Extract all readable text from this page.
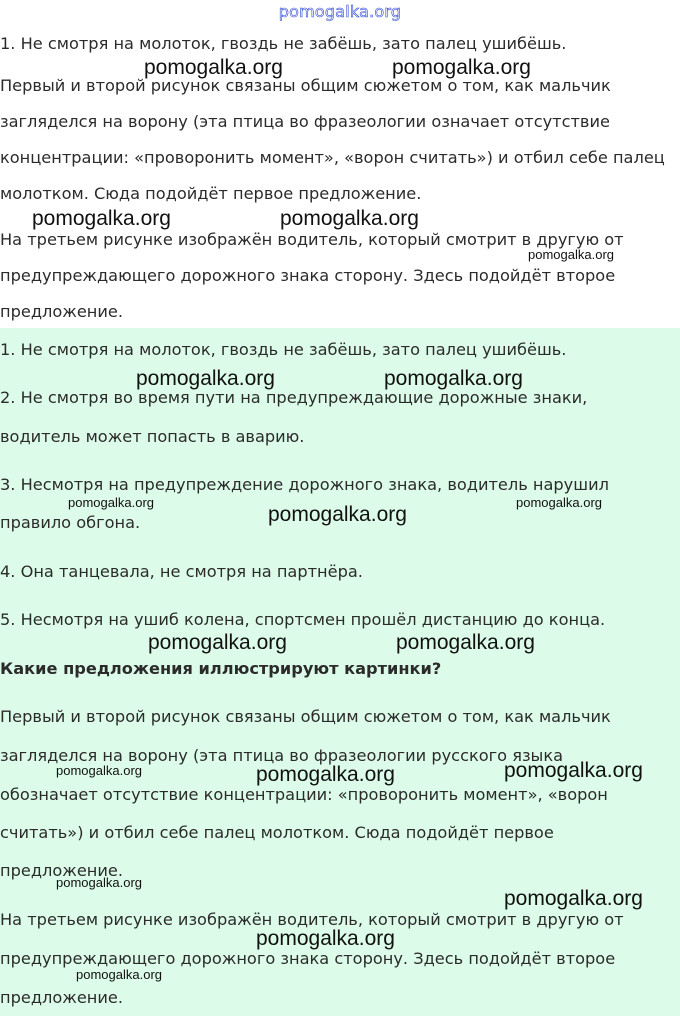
pomogalka.org
1. Не смотря на молоток, гвоздь не забёшь, зато палец ушибёшь.
Первый и второй рисунок связаны общим сюжетом о том, как мальчик
загляделся на ворону (эта птица во фразеологии означает отсутствие
концентрации: «проворонить момент», «ворон считать») и отбил себе палец
молотком. Сюда подойдёт первое предложение.
На третьем рисунке изображён водитель, который смотрит в другую от
предупреждающего дорожного знака сторону. Здесь подойдёт второе
предложение.
1. Не смотря на молоток, гвоздь не забёшь, зато палец ушибёшь.
2. Не смотря во время пути на предупреждающие дорожные знаки,
водитель может попасть в аварию.
3. Несмотря на предупреждение дорожного знака, водитель нарушил
правило обгона.
4. Она танцевала, не смотря на партнёра.
5. Несмотря на ушиб колена, спортсмен прошёл дистанцию до конца.
Какие предложения иллюстрируют картинки?
Первый и второй рисунок связаны общим сюжетом о том, как мальчик
загляделся на ворону (эта птица во фразеологии русского языка
обозначает отсутствие концентрации: «проворонить момент», «ворон
считать») и отбил себе палец молотком. Сюда подойдёт первое
предложение.
На третьем рисунке изображён водитель, который смотрит в другую от
предупреждающего дорожного знака сторону. Здесь подойдёт второе
предложение.
pomogalka.org	pomogalka.org
pomogalka.org	pomogalka.org
pomogalka.org
pomogalka.org	pomogalka.org
pomogalka.org
pomogalka.org
pomogalka.org
pomogalka.org	pomogalka.org
pomogalka.org	pomogalka.org	pomogalka.org
pomogalka.org
pomogalka.org
pomogalka.org
pomogalka.org
